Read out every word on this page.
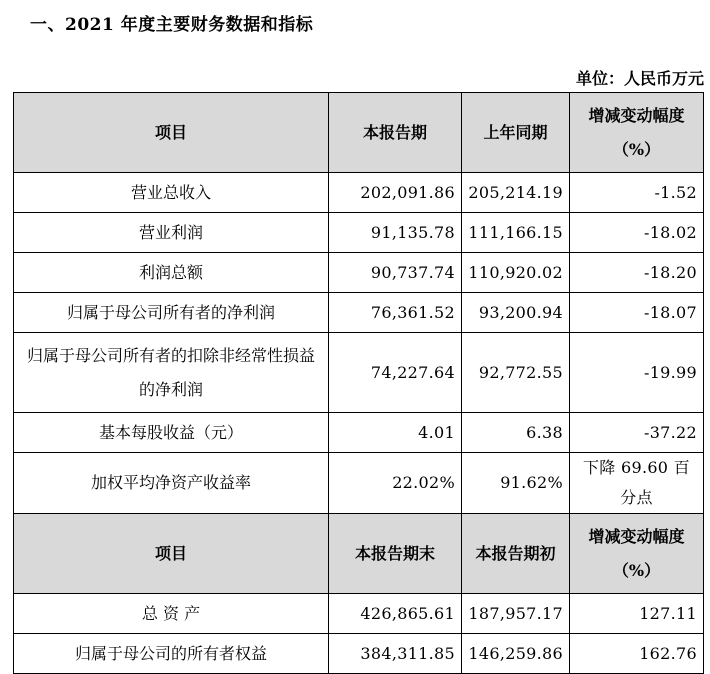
一、2021 年度主要财务数据和指标
单位：人民币万元
项目	本报告期	上年同期	增减变动幅度（%）
营业总收入	202,091.86	205,214.19	-1.52
营业利润	91,135.78	111,166.15	-18.02
利润总额	90,737.74	110,920.02	-18.20
归属于母公司所有者的净利润	76,361.52	93,200.94	-18.07
归属于母公司所有者的扣除非经常性损益的净利润	74,227.64	92,772.55	-19.99
基本每股收益（元）	4.01	6.38	-37.22
加权平均净资产收益率	22.02%	91.62%	下降 69.60 百分点
项目	本报告期末	本报告期初	增减变动幅度（%）
总 资 产	426,865.61	187,957.17	127.11
归属于母公司的所有者权益	384,311.85	146,259.86	162.76
